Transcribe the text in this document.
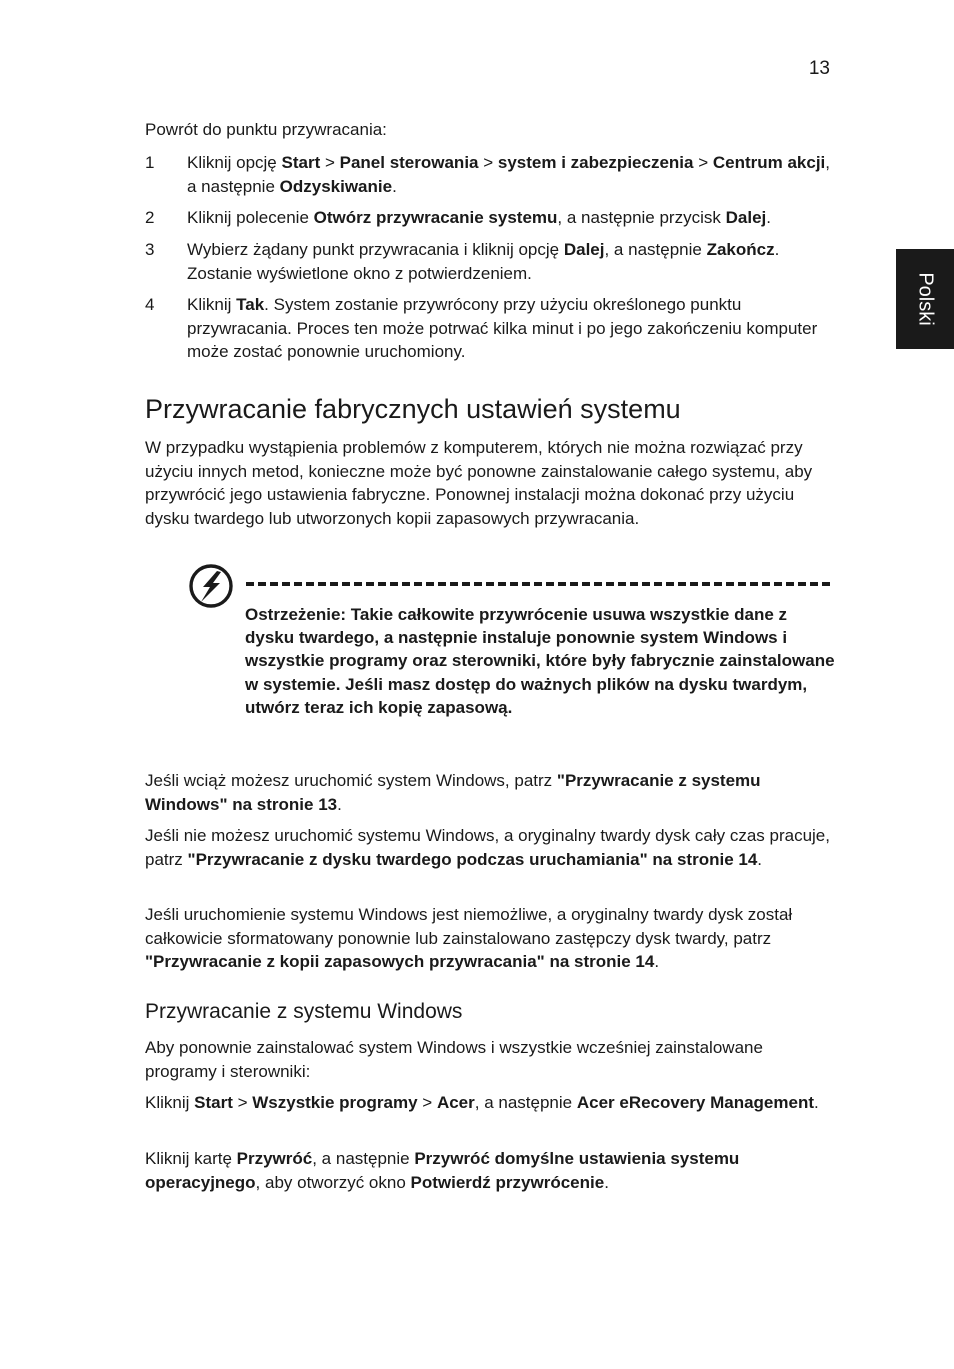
13
Polski

Powrót do punktu przywracania:

1	Kliknij opcję Start > Panel sterowania > system i zabezpieczenia > Centrum akcji, a następnie Odzyskiwanie.
2	Kliknij polecenie Otwórz przywracanie systemu, a następnie przycisk Dalej.
3	Wybierz żądany punkt przywracania i kliknij opcję Dalej, a następnie Zakończ. Zostanie wyświetlone okno z potwierdzeniem.
4	Kliknij Tak. System zostanie przywrócony przy użyciu określonego punktu przywracania. Proces ten może potrwać kilka minut i po jego zakończeniu komputer może zostać ponownie uruchomiony.
Przywracanie fabrycznych ustawień systemu

W przypadku wystąpienia problemów z komputerem, których nie można rozwiązać przy użyciu innych metod, konieczne może być ponowne zainstalowanie całego systemu, aby przywrócić jego ustawienia fabryczne. Ponownej instalacji można dokonać przy użyciu dysku twardego lub utworzonych kopii zapasowych przywracania.

Ostrzeżenie: Takie całkowite przywrócenie usuwa wszystkie dane z dysku twardego, a następnie instaluje ponownie system Windows i wszystkie programy oraz sterowniki, które były fabrycznie zainstalowane w systemie. Jeśli masz dostęp do ważnych plików na dysku twardym, utwórz teraz ich kopię zapasową.

Jeśli wciąż możesz uruchomić system Windows, patrz "Przywracanie z systemu Windows" na stronie 13.

Jeśli nie możesz uruchomić systemu Windows, a oryginalny twardy dysk cały czas pracuje, patrz "Przywracanie z dysku twardego podczas uruchamiania" na stronie 14.

Jeśli uruchomienie systemu Windows jest niemożliwe, a oryginalny twardy dysk został całkowicie sformatowany ponownie lub zainstalowano zastępczy dysk twardy, patrz "Przywracanie z kopii zapasowych przywracania" na stronie 14.

Przywracanie z systemu Windows

Aby ponownie zainstalować system Windows i wszystkie wcześniej zainstalowane programy i sterowniki:

Kliknij Start > Wszystkie programy > Acer, a następnie Acer eRecovery Management.

Kliknij kartę Przywróć, a następnie Przywróć domyślne ustawienia systemu operacyjnego, aby otworzyć okno Potwierdź przywrócenie.
